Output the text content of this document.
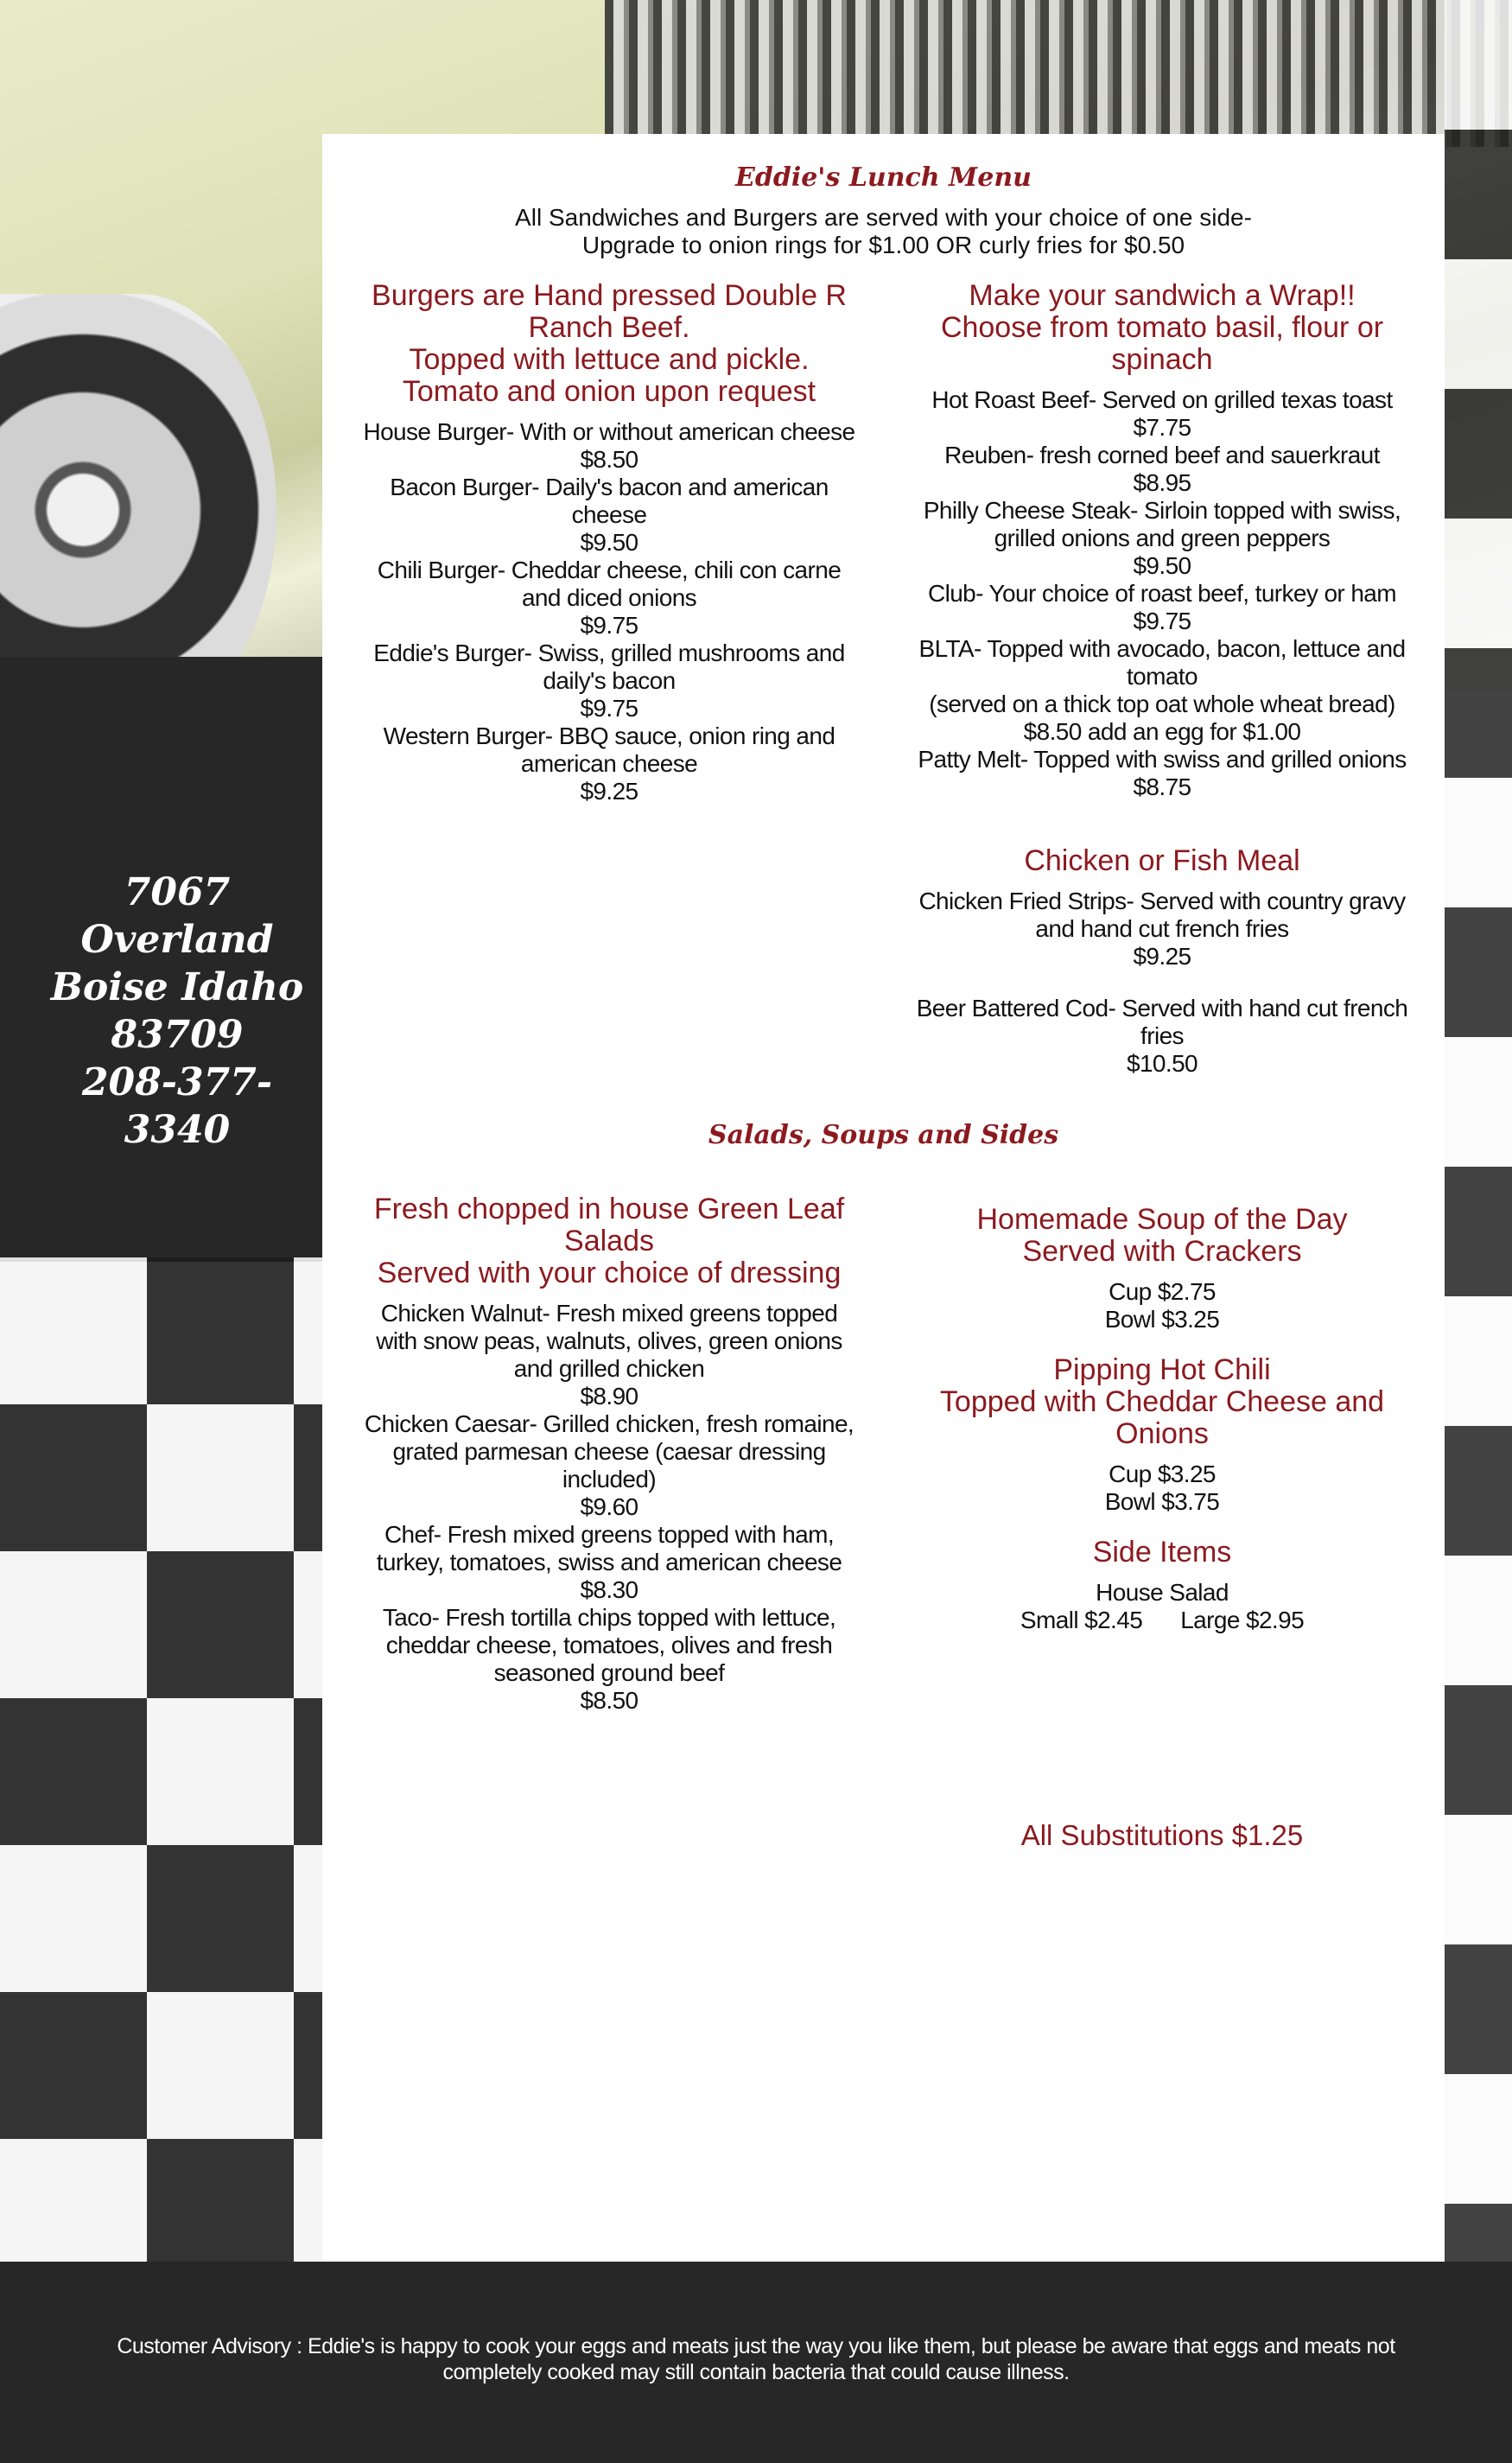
7067
Overland
Boise Idaho
83709
208-377-
3340
Eddie's Lunch Menu
All Sandwiches and Burgers are served with your choice of one side-
Upgrade to onion rings for $1.00 OR curly fries for $0.50
Burgers are Hand pressed Double R
Ranch Beef.
Topped with lettuce and pickle.
Tomato and onion upon request
House Burger- With or without american cheese
$8.50
Bacon Burger- Daily's bacon and american
cheese
$9.50
Chili Burger- Cheddar cheese, chili con carne
and diced onions
$9.75
Eddie's Burger- Swiss, grilled mushrooms and
daily's bacon
$9.75
Western Burger- BBQ sauce, onion ring and
american cheese
$9.25
Make your sandwich a Wrap!!
Choose from tomato basil, flour or
spinach
Hot Roast Beef- Served on grilled texas toast
$7.75
Reuben- fresh corned beef and sauerkraut
$8.95
Philly Cheese Steak- Sirloin topped with swiss,
grilled onions and green peppers
$9.50
Club- Your choice of roast beef, turkey or ham
$9.75
BLTA- Topped with avocado, bacon, lettuce and
tomato
(served on a thick top oat whole wheat bread)
$8.50 add an egg for $1.00
Patty Melt- Topped with swiss and grilled onions
$8.75
Chicken or Fish Meal
Chicken Fried Strips- Served with country gravy
and hand cut french fries
$9.25
Beer Battered Cod- Served with hand cut french
fries
$10.50
Salads, Soups and Sides
Fresh chopped in house Green Leaf
Salads
Served with your choice of dressing
Chicken Walnut- Fresh mixed greens topped
with snow peas, walnuts, olives, green onions
and grilled chicken
$8.90
Chicken Caesar- Grilled chicken, fresh romaine,
grated parmesan cheese (caesar dressing
included)
$9.60
Chef- Fresh mixed greens topped with ham,
turkey, tomatoes, swiss and american cheese
$8.30
Taco- Fresh tortilla chips topped with lettuce,
cheddar cheese, tomatoes, olives and fresh
seasoned ground beef
$8.50
Homemade Soup of the Day
Served with Crackers
Cup $2.75
Bowl $3.25
Pipping Hot Chili
Topped with Cheddar Cheese and
Onions
Cup $3.25
Bowl $3.75
Side Items
House Salad
Small $2.45 Large $2.95
All Substitutions $1.25
Customer Advisory : Eddie's is happy to cook your eggs and meats just the way you like them, but please be aware that eggs and meats not
completely cooked may still contain bacteria that could cause illness.
